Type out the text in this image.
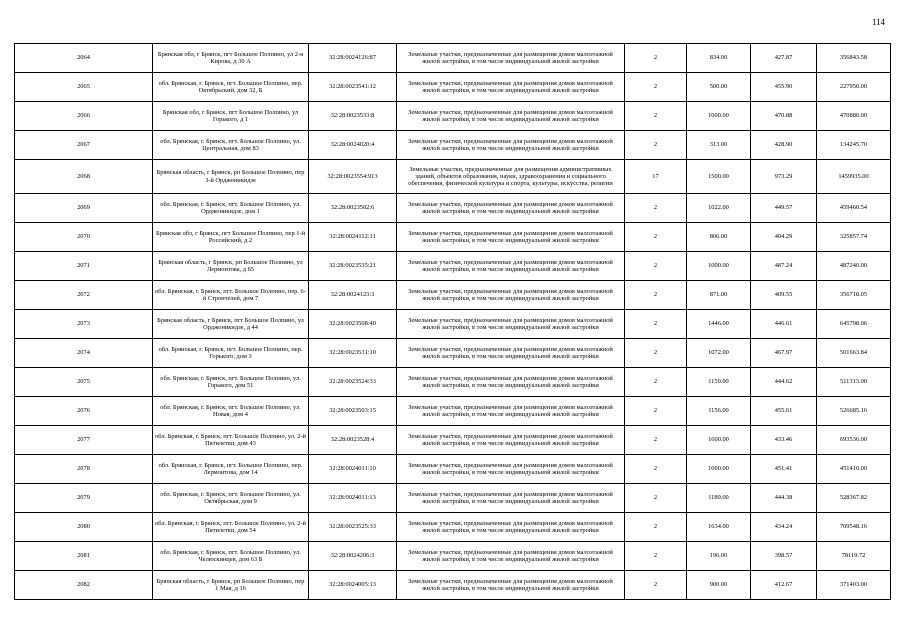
114
2064	Брянская обл, г Брянск, пгт Большое Полпино, ул 2-я Кирова, д 30 А	32:28:0024126:87	Земельные участки, предназначенные для размещения домов малоэтажной жилой застройки, в том числе индивидуальной жилой застройки	2	834.00	427.87	356843.58
2065	обл. Брянская, г. Брянск, пгт. Большое Полпино, пер. Октябрьский, дом 32, Б	32:28:0023541:12	Земельные участки, предназначенные для размещения домов малоэтажной жилой застройки, в том числе индивидуальной жилой застройки	2	500.00	455.90	227950.00
2066	Брянская обл, г Брянск, пгт Большое Полпино, ул Горького, д 1	32:28:0023533:8	Земельные участки, предназначенные для размещения домов малоэтажной жилой застройки, в том числе индивидуальной жилой застройки	2	1000.00	470.88	470880.00
2067	обл. Брянская, г. Брянск, пгт. Большое Полпино, ул. Центральная, дом 83	32:28:0024020:4	Земельные участки, предназначенные для размещения домов малоэтажной жилой застройки, в том числе индивидуальной жилой застройки	2	313.00	428.90	134245.70
2068	Брянская область, г Брянск, рп Большое Полпино, пер 3-й Орджоникидзе	32:28:0023554:913	Земельные участки, предназначенные для размещения административных зданий, объектов образования, науки, здравоохранения и социального обеспечения, физической культуры и спорта, культуры, искусства, религии	17	1500.00	973.29	1459935.00
2069	обл. Брянская, г. Брянск, пгт. Большое Полпино, ул. Орджоникидзе, дом 1	32:28:0023502:6	Земельные участки, предназначенные для размещения домов малоэтажной жилой застройки, в том числе индивидуальной жилой застройки	2	1022.00	449.57	459460.54
2070	Брянская обл, г Брянск, пгт Большое Полпино, пер 1-й Российский, д 2	32:28:0024112:11	Земельные участки, предназначенные для размещения домов малоэтажной жилой застройки, в том числе индивидуальной жилой застройки	2	806.00	404.29	325857.74
2071	Брянская область, г Брянск, рп Большое Полпино, ул Лермонтова, д 65	32:28:0023535:21	Земельные участки, предназначенные для размещения домов малоэтажной жилой застройки, в том числе индивидуальной жилой застройки	2	1000.00	487.24	487240.00
2072	обл. Брянская, г. Брянск, пгт. Большое Полпино, пер. 6-й Строителей, дом 7	32:28:0024123:3	Земельные участки, предназначенные для размещения домов малоэтажной жилой застройки, в том числе индивидуальной жилой застройки	2	871.00	409.55	356718.05
2073	Брянская область, г Брянск, пгт Большое Полпино, ул Орджоникидзе, д 44	32:28:0023508:40	Земельные участки, предназначенные для размещения домов малоэтажной жилой застройки, в том числе индивидуальной жилой застройки	2	1446.00	446.61	645798.06
2074	обл. Брянская, г. Брянск, пгт. Большое Полпино, пер. Горького, дом 3	32:28:0023531:10	Земельные участки, предназначенные для размещения домов малоэтажной жилой застройки, в том числе индивидуальной жилой застройки	2	1072.00	467.97	501663.84
2075	обл. Брянская, г. Брянск, пгт. Большое Полпино, ул. Горького, дом 51	32:28:0023524:33	Земельные участки, предназначенные для размещения домов малоэтажной жилой застройки, в том числе индивидуальной жилой застройки	2	1150.00	444.62	511313.00
2076	обл. Брянская, г. Брянск, пгт. Большое Полпино, ул. Новая, дом 4	32:28:0023503:15	Земельные участки, предназначенные для размещения домов малоэтажной жилой застройки, в том числе индивидуальной жилой застройки	2	1156.00	455.61	526685.16
2077	обл. Брянская, г. Брянск, пгт. Большое Полпино, ул. 2-й Пятилетки, дом 43	32:28:0023528:4	Земельные участки, предназначенные для размещения домов малоэтажной жилой застройки, в том числе индивидуальной жилой застройки	2	1600.00	433.46	693536.00
2078	обл. Брянская, г. Брянск, пгт. Большое Полпино, пер. Лермонтова, дом 14	32:28:0024011:10	Земельные участки, предназначенные для размещения домов малоэтажной жилой застройки, в том числе индивидуальной жилой застройки	2	1000.00	451.41	451410.00
2079	обл. Брянская, г. Брянск, пгт. Большое Полпино, ул. Октябрьская, дом 9	32:28:0024011:13	Земельные участки, предназначенные для размещения домов малоэтажной жилой застройки, в том числе индивидуальной жилой застройки	2	1189.00	444.38	528367.82
2080	обл. Брянская, г. Брянск, пгт. Большое Полпино, ул. 2-й Пятилетки, дом 54	32:28:0023525:33	Земельные участки, предназначенные для размещения домов малоэтажной жилой застройки, в том числе индивидуальной жилой застройки	2	1634.00	434.24	709548.16
2081	обл. Брянская, г. Брянск, пгт. Большое Полпино, ул. Челюскинцев, дом 63 Б	32:28:0024206:3	Земельные участки, предназначенные для размещения домов малоэтажной жилой застройки, в том числе индивидуальной жилой застройки	2	196.00	398.57	78119.72
2082	Брянская область, г Брянск, рп Большое Полпино, пер 1 Мая, д 16	32:28:0024005:13	Земельные участки, предназначенные для размещения домов малоэтажной жилой застройки, в том числе индивидуальной жилой застройки	2	900.00	412.67	371403.00
